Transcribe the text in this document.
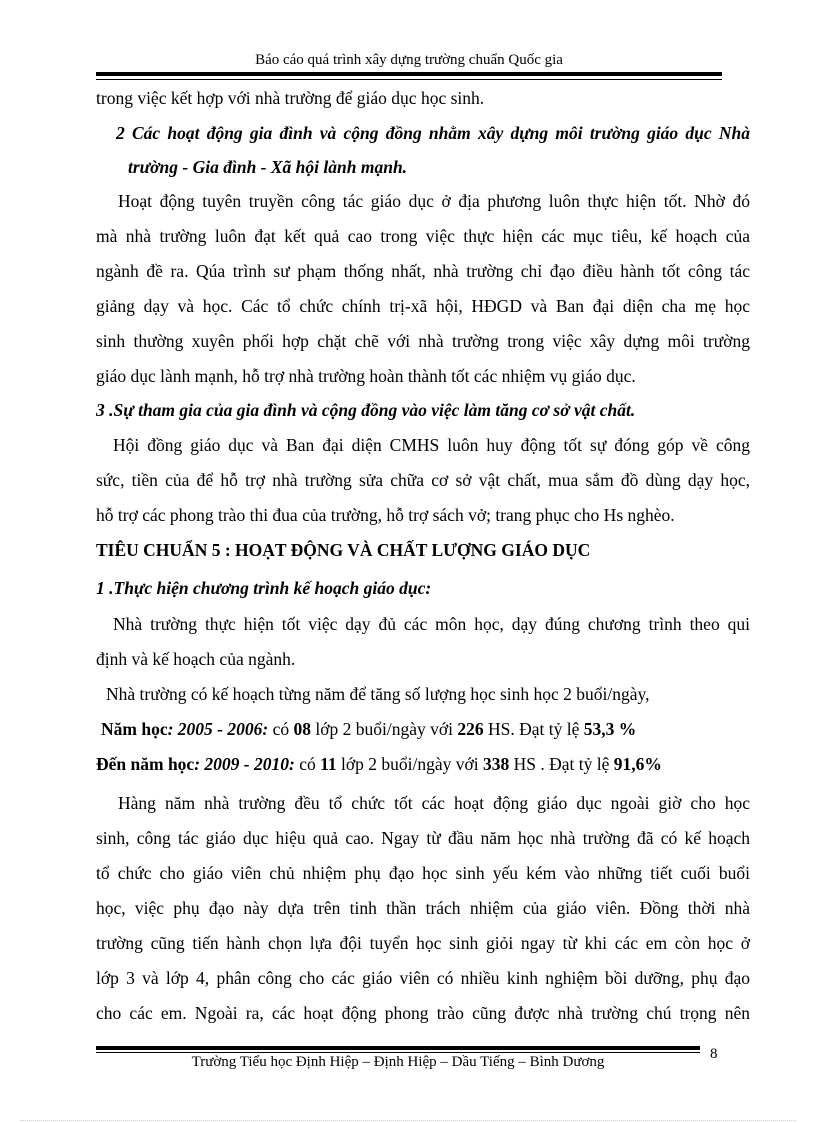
Báo cáo quá trình xây dựng trường chuẩn Quốc gia
trong việc kết hợp với nhà trường để giáo dục học sinh.
2 Các hoạt động gia đình và cộng đồng nhằm xây dựng môi trường giáo dục Nhà
trường - Gia đình - Xã hội lành mạnh.
Hoạt động tuyên truyền công tác giáo dục ở địa phương luôn thực hiện tốt. Nhờ đó
mà nhà trường luôn đạt kết quả cao trong việc thực hiện các mục tiêu, kế hoạch của
ngành đề ra. Qúa trình sư phạm thống nhất, nhà trường chỉ đạo điều hành tốt công tác
giảng dạy và học. Các tổ chức chính trị-xã hội, HĐGD và Ban đại diện cha mẹ học
sinh thường xuyên phối hợp chặt chẽ với nhà trường trong việc xây dựng môi trường
giáo dục lành mạnh, hỗ trợ nhà trường hoàn thành tốt các nhiệm vụ giáo dục.
3 .Sự tham gia của gia đình và cộng đồng vào việc làm tăng cơ sở vật chất.
Hội đồng giáo dục và Ban đại diện CMHS luôn huy động tốt sự đóng góp về công
sức, tiền của để hỗ trợ nhà trường sửa chữa cơ sở vật chất, mua sắm đồ dùng dạy học,
hỗ trợ các phong trào thi đua của trường, hỗ trợ sách vở; trang phục cho Hs nghèo.
TIÊU CHUẨN 5 : HOẠT ĐỘNG VÀ CHẤT LƯỢNG GIÁO DỤC
1 .Thực hiện chương trình kế hoạch giáo dục:
Nhà trường thực hiện tốt việc dạy đủ các môn học, dạy đúng chương trình theo qui
định và kế hoạch của ngành.
Nhà trường có kế hoạch từng năm để tăng số lượng học sinh học 2 buổi/ngày,
Năm học: 2005 - 2006: có 08 lớp 2 buổi/ngày với 226 HS. Đạt tỷ lệ 53,3 %
Đến năm học: 2009 - 2010: có 11 lớp 2 buổi/ngày với 338 HS . Đạt tỷ lệ 91,6%
Hàng năm nhà trường đều tổ chức tốt các hoạt động giáo dục ngoài giờ cho học
sinh, công tác giáo dục hiệu quả cao. Ngay từ đầu năm học nhà trường đã có kế hoạch
tổ chức cho giáo viên chủ nhiệm phụ đạo học sinh yếu kém vào những tiết cuối buổi
học, việc phụ đạo này dựa trên tinh thần trách nhiệm của giáo viên. Đồng thời nhà
trường cũng tiến hành chọn lựa đội tuyển học sinh giỏi ngay từ khi các em còn học ở
lớp 3 và lớp 4, phân công cho các giáo viên có nhiều kinh nghiệm bồi dưỡng, phụ đạo
cho các em. Ngoài ra, các hoạt động phong trào cũng được nhà trường chú trọng nên
Trường Tiểu học Định Hiệp – Định Hiệp – Dầu Tiếng – Bình Dương	8
